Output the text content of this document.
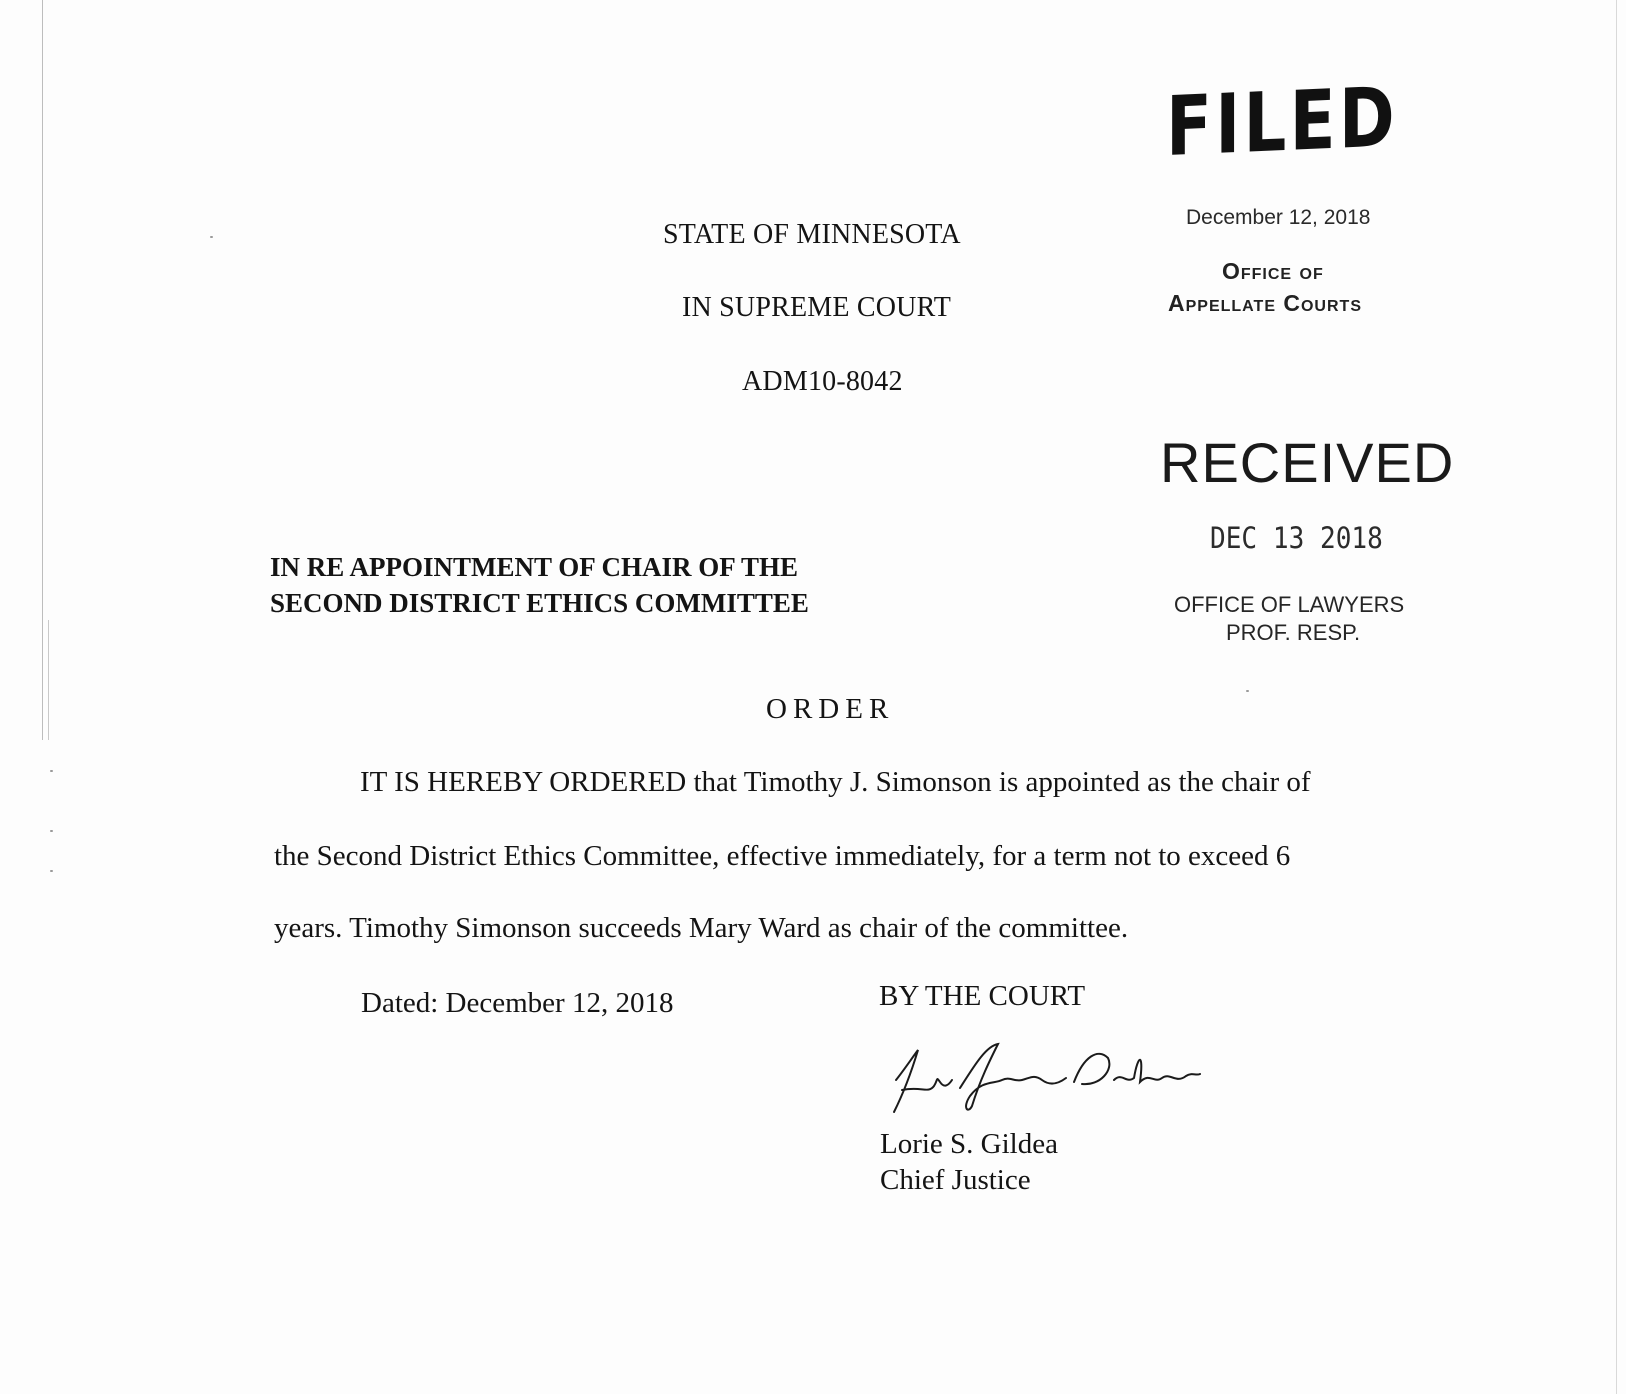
STATE OF MINNESOTA
IN SUPREME COURT
ADM10-8042
FILED
December 12, 2018
Office of
Appellate Courts
RECEIVED
DEC 13 2018
OFFICE OF LAWYERS
PROF. RESP.
IN RE APPOINTMENT OF CHAIR OF THE
SECOND DISTRICT ETHICS COMMITTEE
ORDER
IT IS HEREBY ORDERED that Timothy J. Simonson is appointed as the chair of
the Second District Ethics Committee, effective immediately, for a term not to exceed 6
years. Timothy Simonson succeeds Mary Ward as chair of the committee.
Dated: December 12, 2018	BY THE COURT
Lorie S. Gildea
Chief Justice
